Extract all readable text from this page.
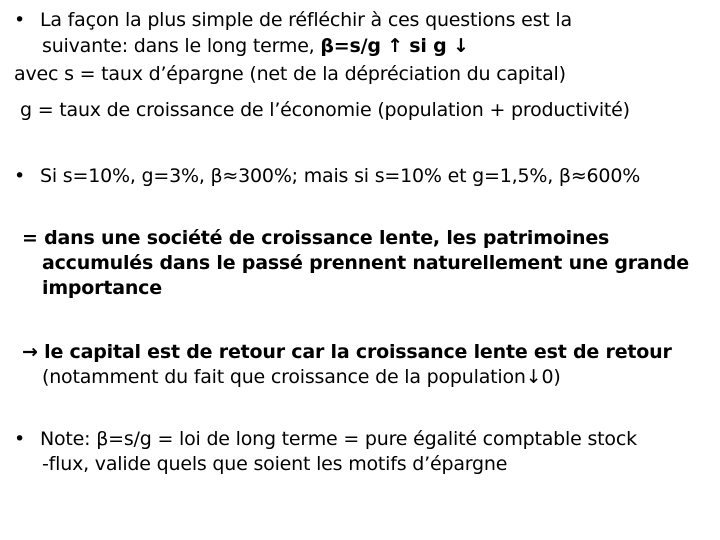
• La façon la plus simple de réfléchir à ces questions est la
suivante: dans le long terme, β=s/g ↑ si g ↓
avec s = taux d’épargne (net de la dépréciation du capital)
g = taux de croissance de l’économie (population + productivité)
• Si s=10%, g=3%, β≈300%; mais si s=10% et g=1,5%, β≈600%
= dans une société de croissance lente, les patrimoines
accumulés dans le passé prennent naturellement une grande
importance
→ le capital est de retour car la croissance lente est de retour
(notamment du fait que croissance de la population↓0)
• Note: β=s/g = loi de long terme = pure égalité comptable stock
-flux, valide quels que soient les motifs d’épargne
